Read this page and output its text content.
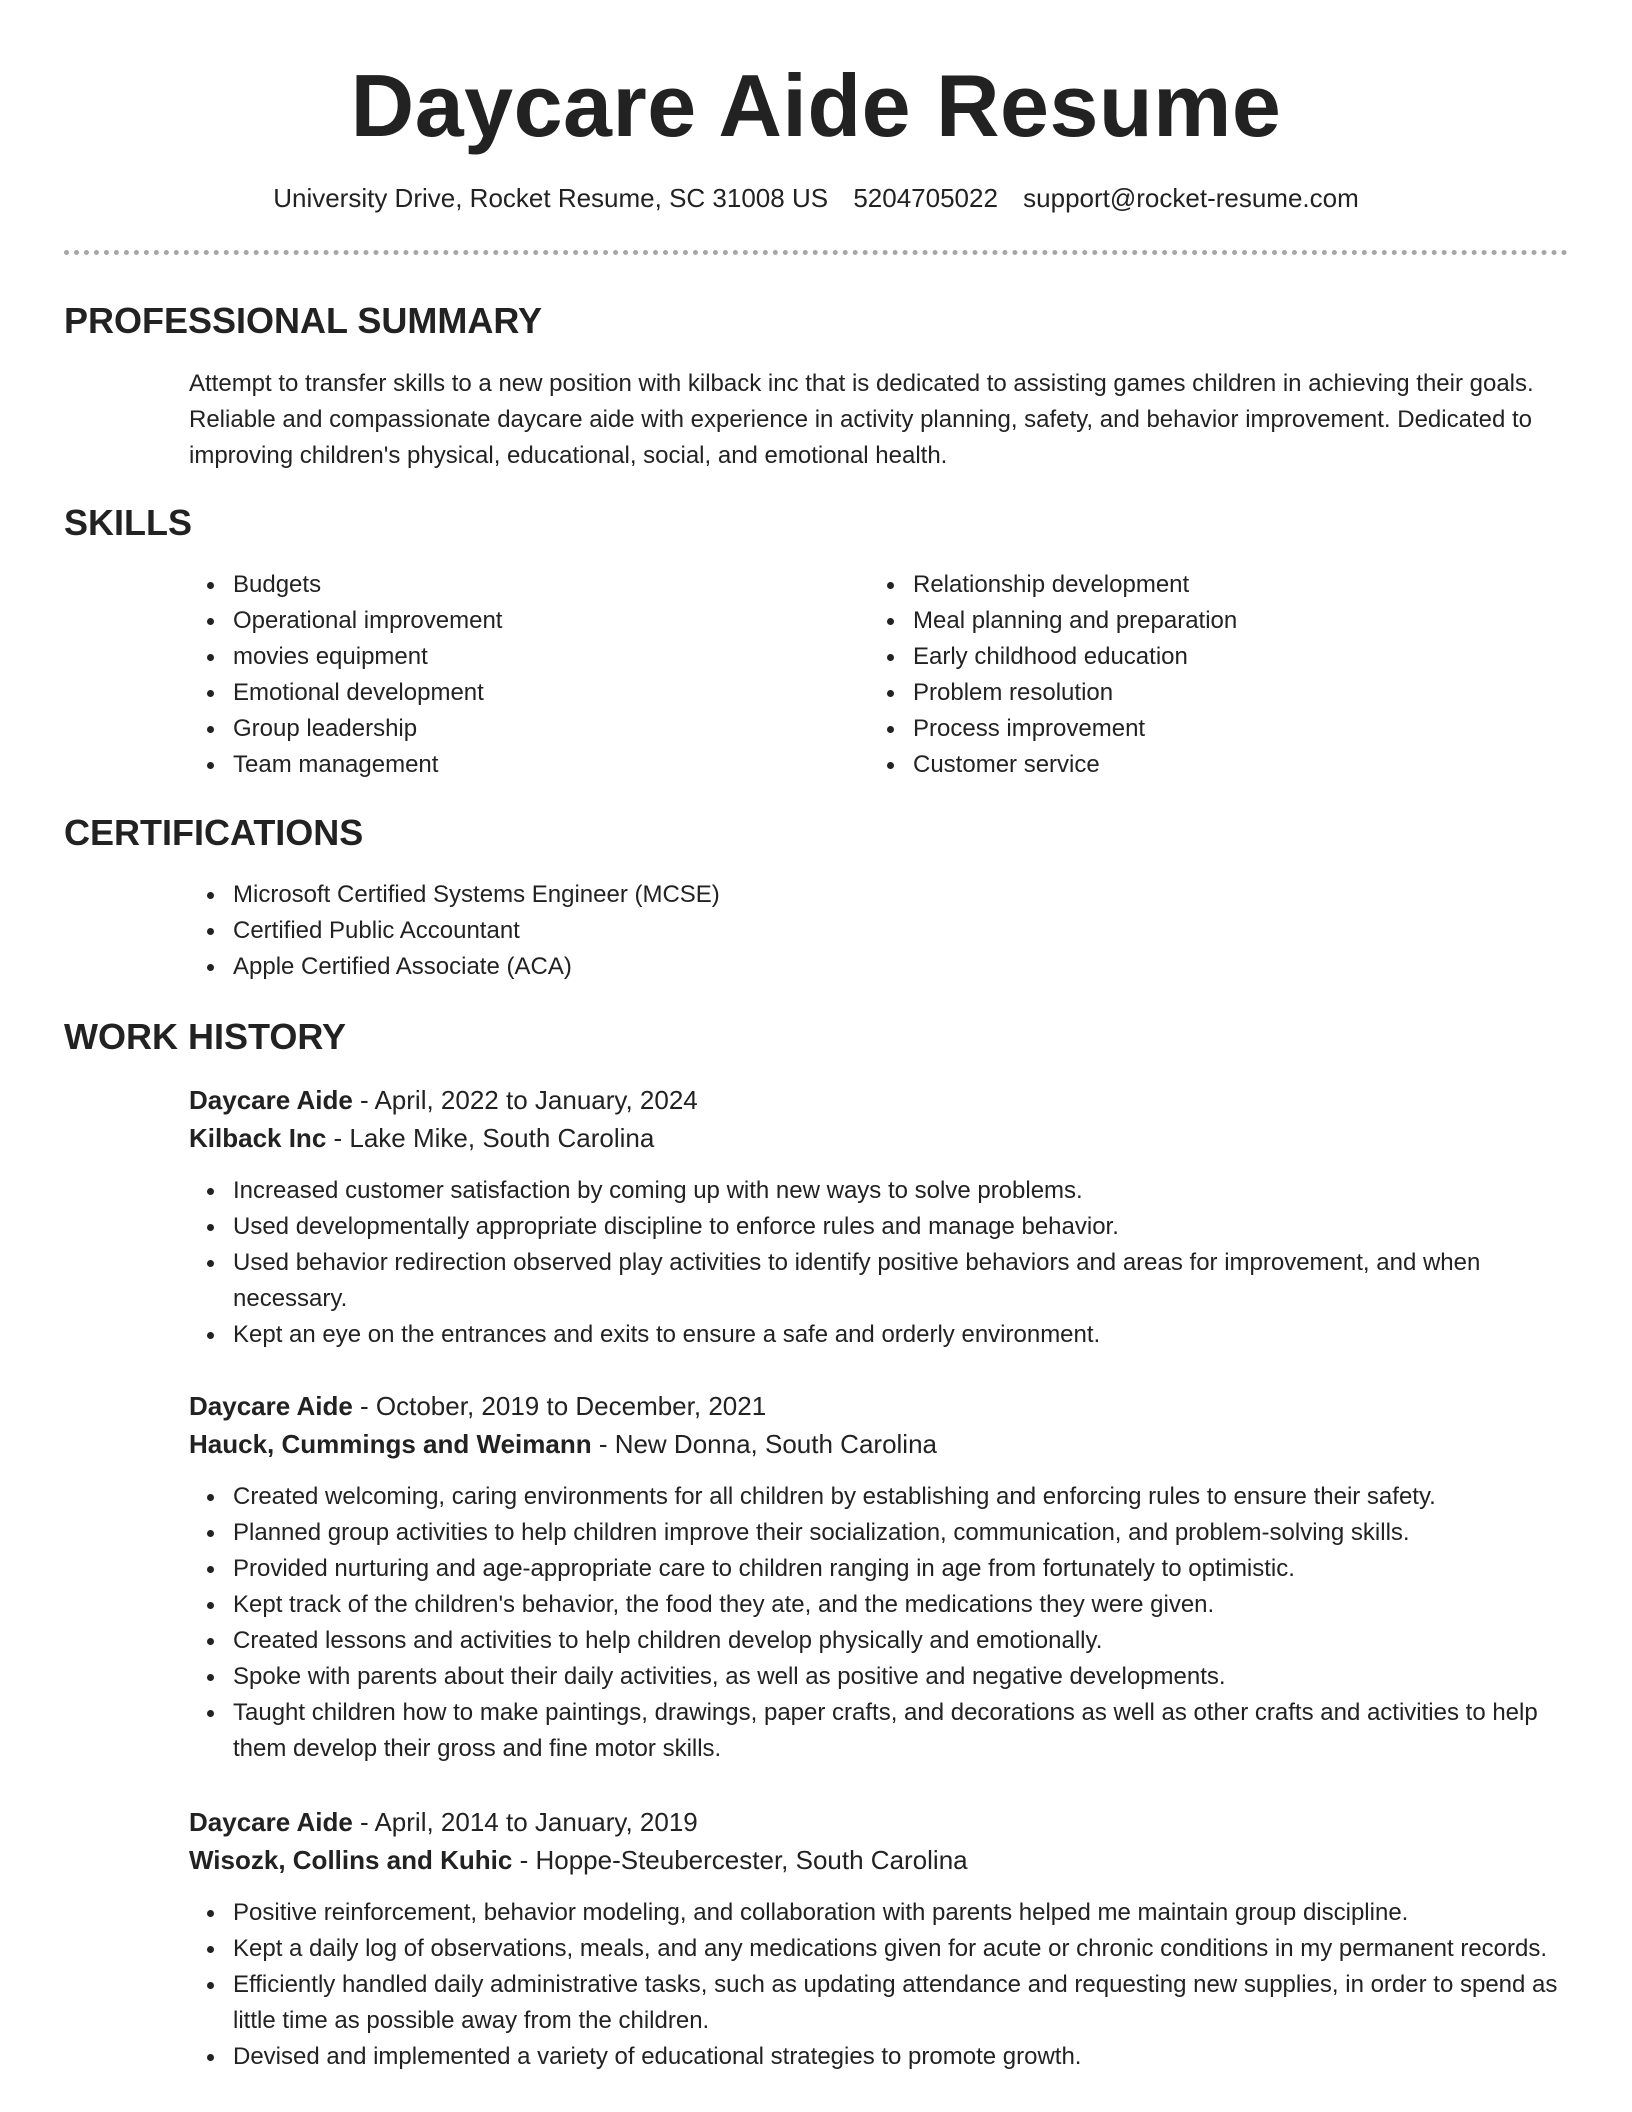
Daycare Aide Resume
University Drive, Rocket Resume, SC 31008 US 5204705022 support@rocket-resume.com
PROFESSIONAL SUMMARY

Attempt to transfer skills to a new position with kilback inc that is dedicated to assisting games children in achieving their goals. Reliable and compassionate daycare aide with experience in activity planning, safety, and behavior improvement. Dedicated to improving children's physical, educational, social, and emotional health.

SKILLS
Budgets
Operational improvement
movies equipment
Emotional development
Group leadership
Team management
Relationship development
Meal planning and preparation
Early childhood education
Problem resolution
Process improvement
Customer service
CERTIFICATIONS
Microsoft Certified Systems Engineer (MCSE)
Certified Public Accountant
Apple Certified Associate (ACA)
WORK HISTORY

Daycare Aide - April, 2022 to January, 2024

Kilback Inc - Lake Mike, South Carolina

Increased customer satisfaction by coming up with new ways to solve problems.
Used developmentally appropriate discipline to enforce rules and manage behavior.
Used behavior redirection observed play activities to identify positive behaviors and areas for improvement, and when necessary.
Kept an eye on the entrances and exits to ensure a safe and orderly environment.

Daycare Aide - October, 2019 to December, 2021

Hauck, Cummings and Weimann - New Donna, South Carolina

Created welcoming, caring environments for all children by establishing and enforcing rules to ensure their safety.
Planned group activities to help children improve their socialization, communication, and problem-solving skills.
Provided nurturing and age-appropriate care to children ranging in age from fortunately to optimistic.
Kept track of the children's behavior, the food they ate, and the medications they were given.
Created lessons and activities to help children develop physically and emotionally.
Spoke with parents about their daily activities, as well as positive and negative developments.
Taught children how to make paintings, drawings, paper crafts, and decorations as well as other crafts and activities to help them develop their gross and fine motor skills.

Daycare Aide - April, 2014 to January, 2019

Wisozk, Collins and Kuhic - Hoppe-Steubercester, South Carolina

Positive reinforcement, behavior modeling, and collaboration with parents helped me maintain group discipline.
Kept a daily log of observations, meals, and any medications given for acute or chronic conditions in my permanent records.
Efficiently handled daily administrative tasks, such as updating attendance and requesting new supplies, in order to spend as little time as possible away from the children.
Devised and implemented a variety of educational strategies to promote growth.
